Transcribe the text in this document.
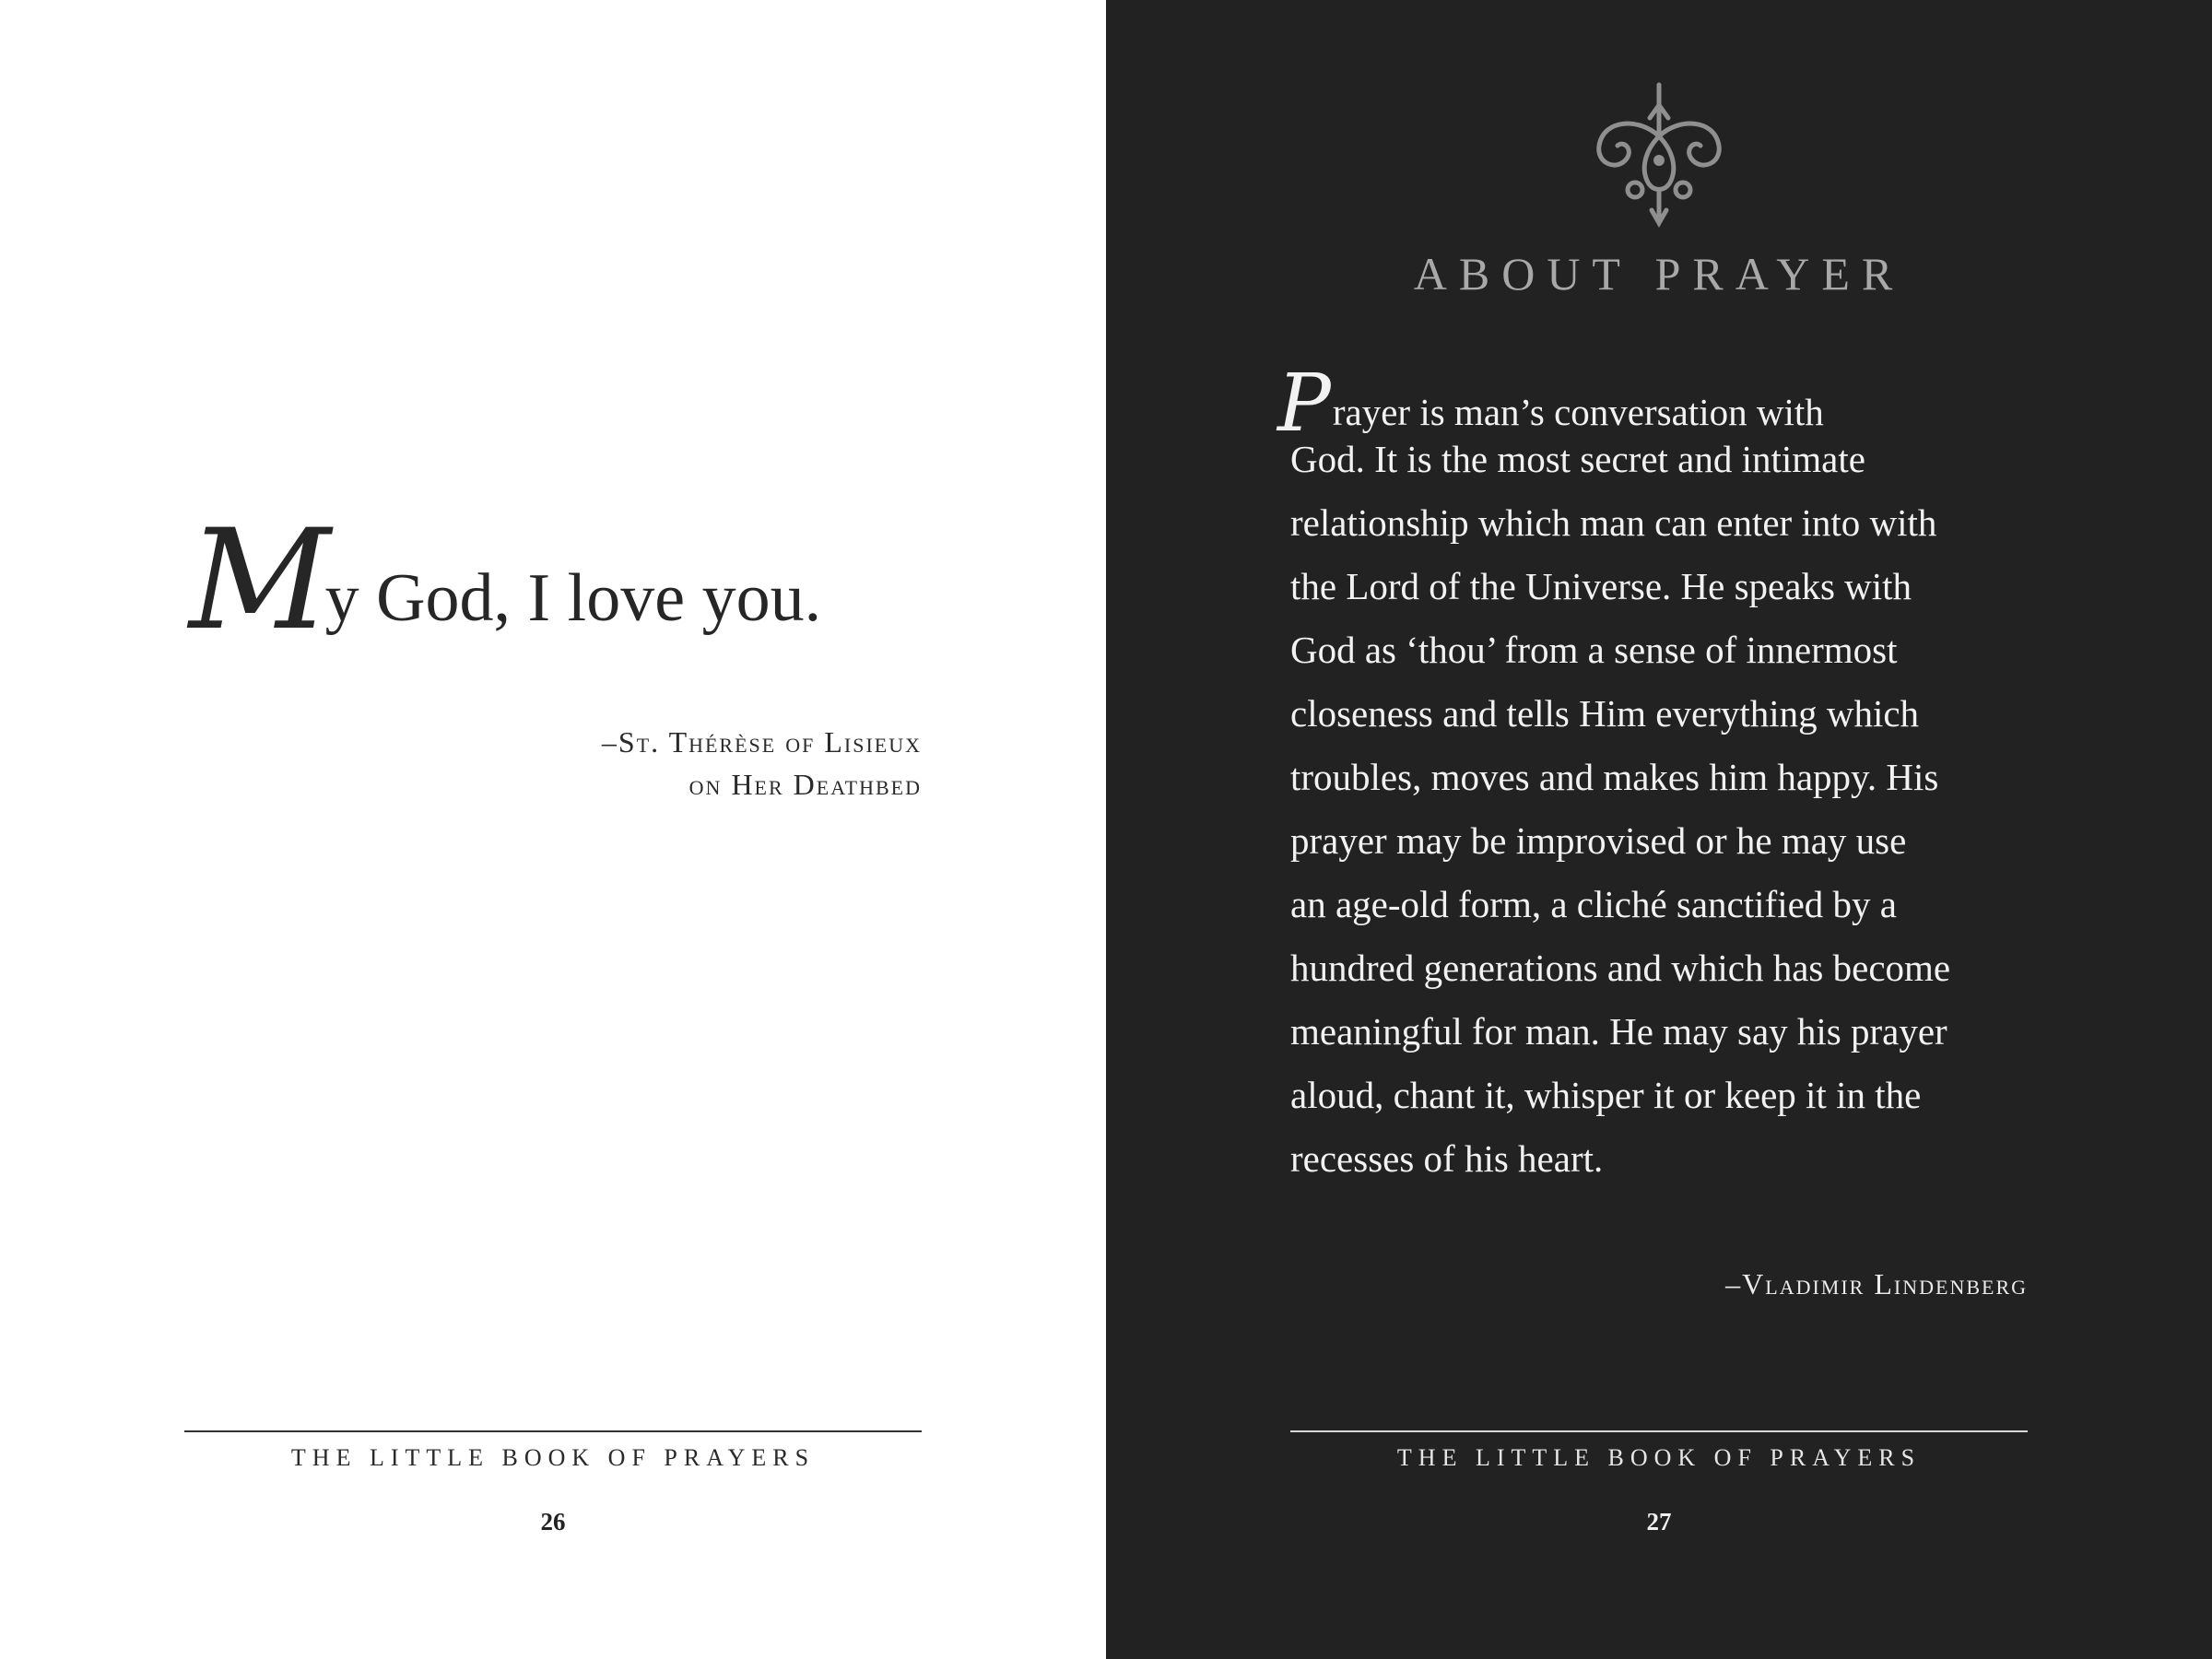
My God, I love you.
–St. Thérèse of Lisieux
on Her Deathbed
THE LITTLE BOOK OF PRAYERS
26
ABOUT PRAYER
Prayer is man’s conversation with
God. It is the most secret and intimate
relationship which man can enter into with
the Lord of the Universe. He speaks with
God as ‘thou’ from a sense of innermost
closeness and tells Him everything which
troubles, moves and makes him happy. His
prayer may be improvised or he may use
an age-old form, a cliché sanctified by a
hundred generations and which has become
meaningful for man. He may say his prayer
aloud, chant it, whisper it or keep it in the
recesses of his heart.
–Vladimir Lindenberg
THE LITTLE BOOK OF PRAYERS
27
